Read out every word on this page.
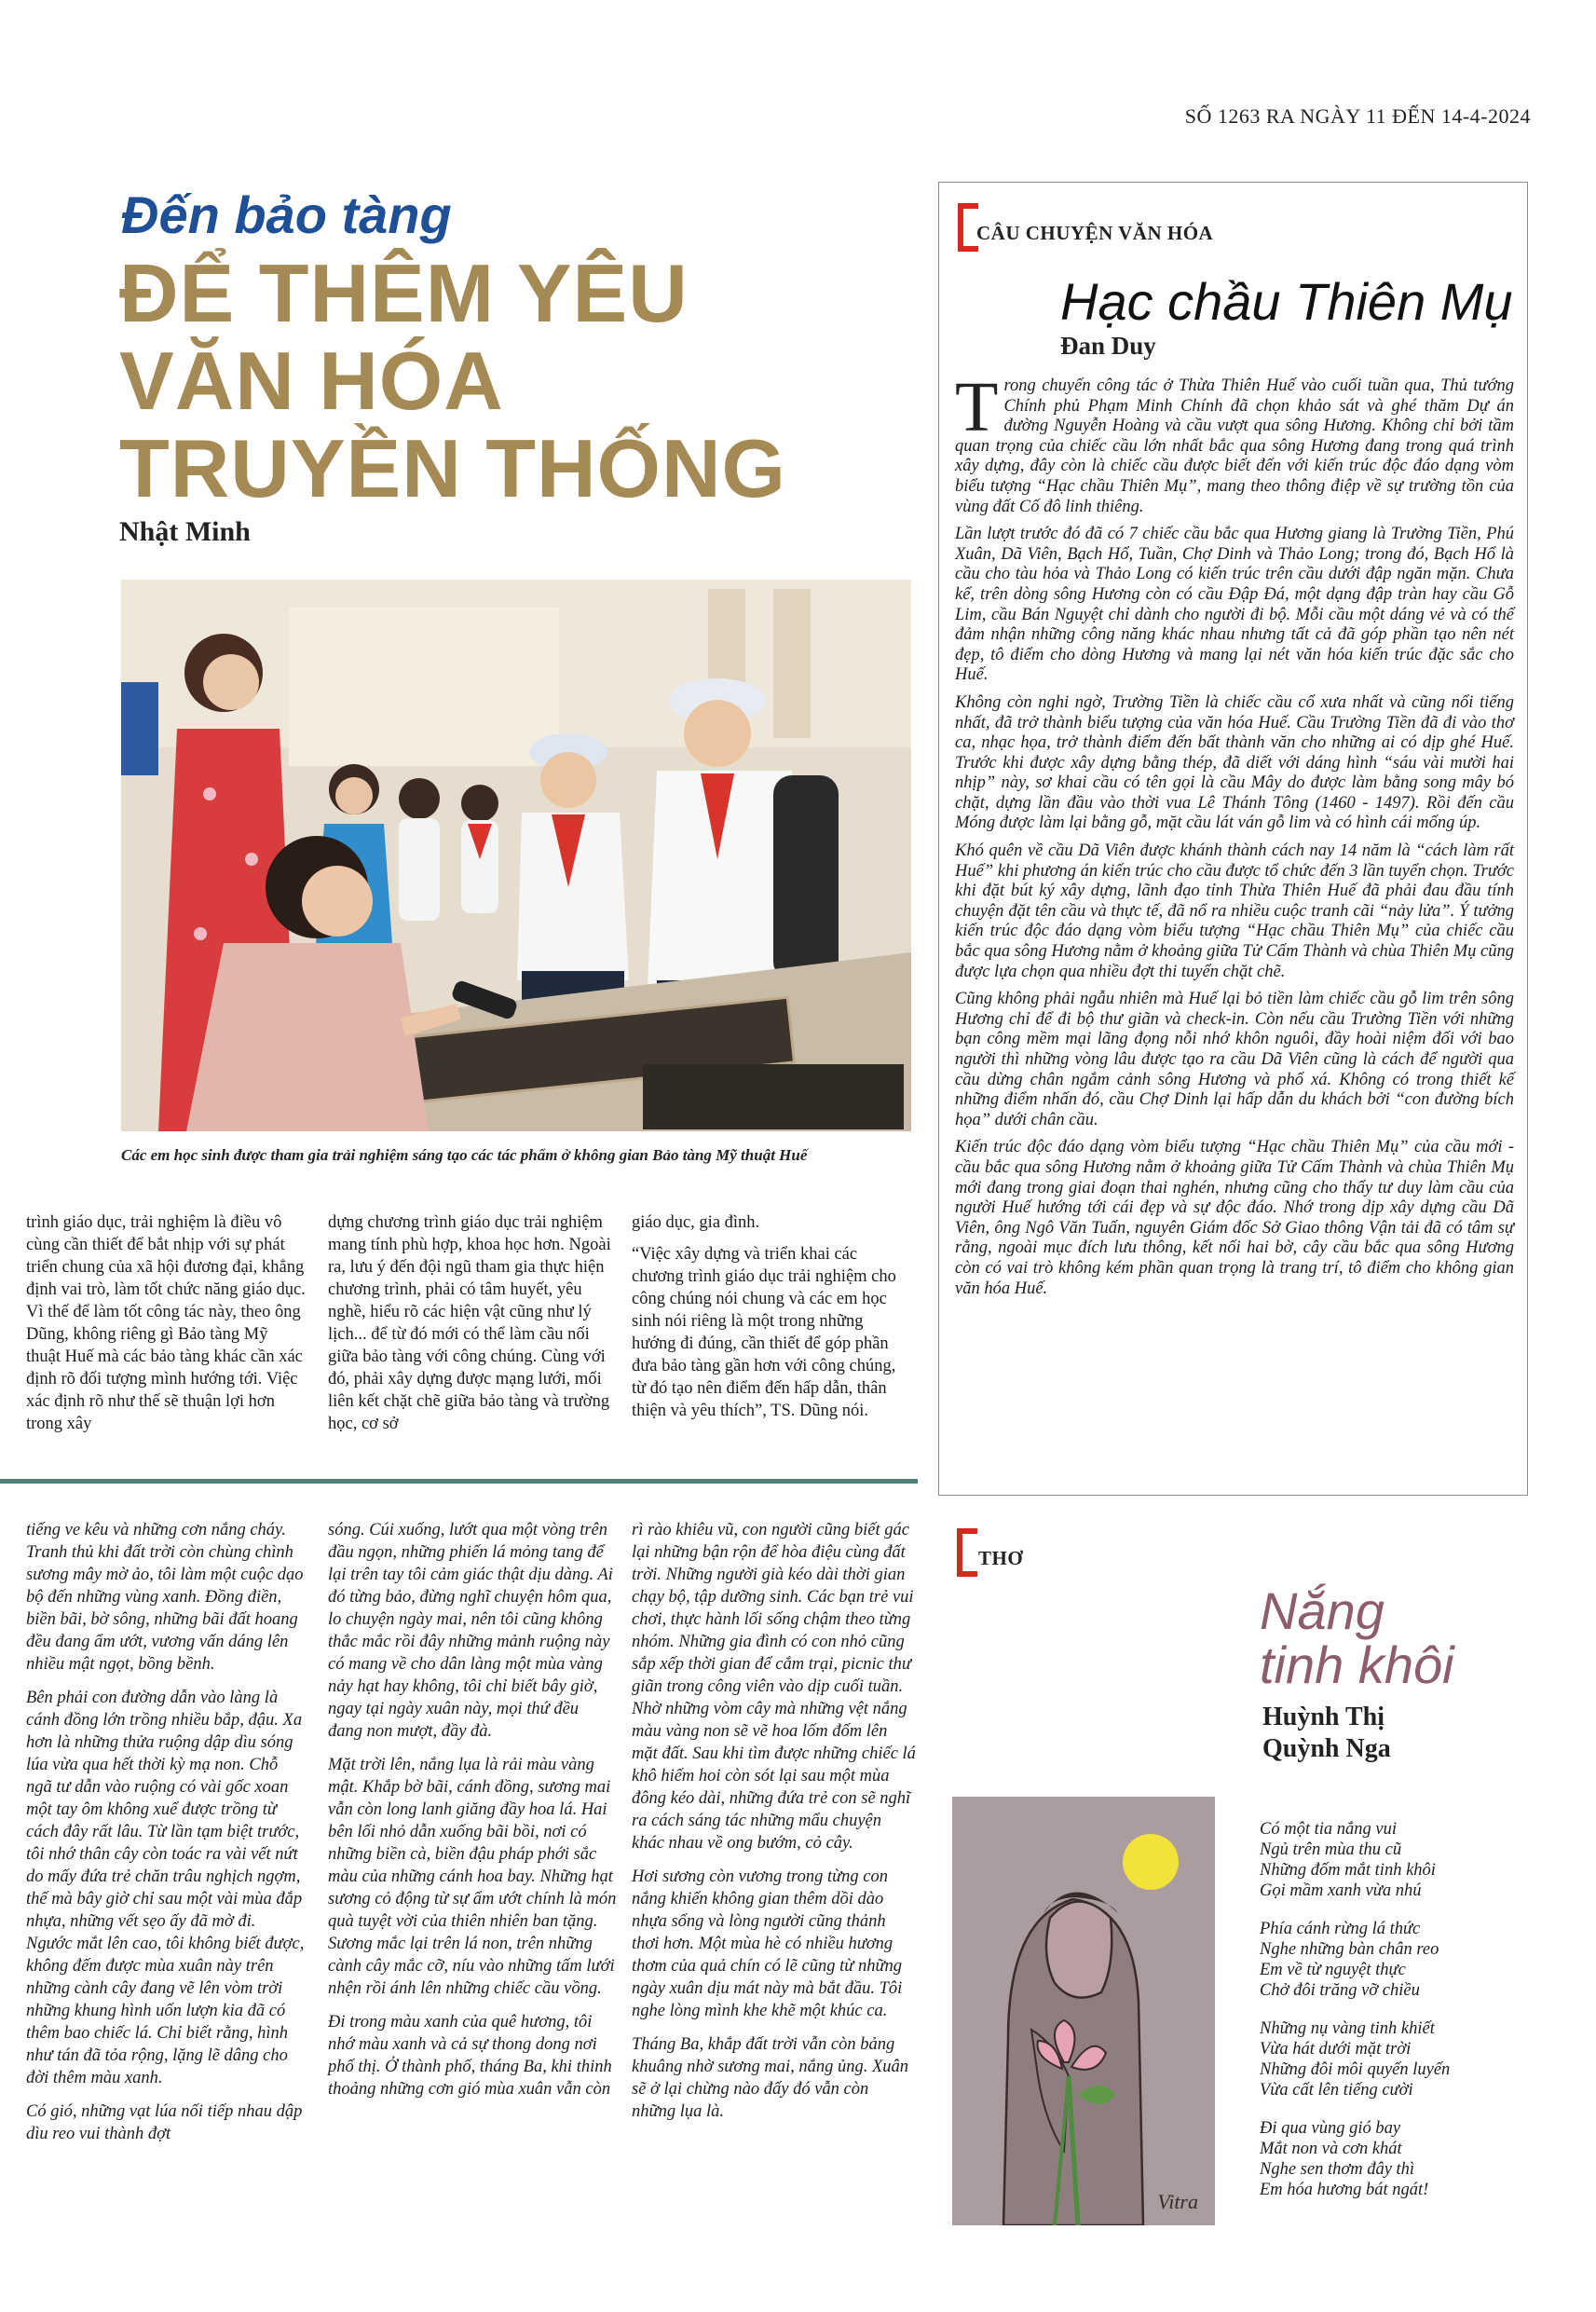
SỐ 1263 RA NGÀY 11 ĐẾN 14-4-2024
Đến bảo tàng
ĐỂ THÊM YÊU
VĂN HÓA
TRUYỀN THỐNG
Nhật Minh
Các em học sinh được tham gia trải nghiệm sáng tạo các tác phẩm ở không gian Bảo tàng Mỹ thuật Huế

trình giáo dục, trải nghiệm là điều vô cùng cần thiết để bắt nhịp với sự phát triển chung của xã hội đương đại, khẳng định vai trò, làm tốt chức năng giáo dục. Vì thế để làm tốt công tác này, theo ông Dũng, không riêng gì Bảo tàng Mỹ thuật Huế mà các bảo tàng khác cần xác định rõ đối tượng mình hướng tới. Việc xác định rõ như thế sẽ thuận lợi hơn trong xây

dựng chương trình giáo dục trải nghiệm mang tính phù hợp, khoa học hơn. Ngoài ra, lưu ý đến đội ngũ tham gia thực hiện chương trình, phải có tâm huyết, yêu nghề, hiểu rõ các hiện vật cũng như lý lịch... để từ đó mới có thể làm cầu nối giữa bảo tàng với công chúng. Cùng với đó, phải xây dựng được mạng lưới, mối liên kết chặt chẽ giữa bảo tàng và trường học, cơ sở

giáo dục, gia đình.

“Việc xây dựng và triển khai các chương trình giáo dục trải nghiệm cho công chúng nói chung và các em học sinh nói riêng là một trong những hướng đi đúng, cần thiết để góp phần đưa bảo tàng gần hơn với công chúng, từ đó tạo nên điểm đến hấp dẫn, thân thiện và yêu thích”, TS. Dũng nói.

tiếng ve kêu và những cơn nắng cháy. Tranh thủ khi đất trời còn chùng chình sương mây mờ ảo, tôi làm một cuộc dạo bộ đến những vùng xanh. Đồng điền, biền bãi, bờ sông, những bãi đất hoang đều đang ẩm ướt, vương vấn dáng lên nhiều mật ngọt, bồng bềnh.

Bên phải con đường dẫn vào làng là cánh đồng lớn trồng nhiều bắp, đậu. Xa hơn là những thửa ruộng dập dìu sóng lúa vừa qua hết thời kỳ mạ non. Chỗ ngã tư dẫn vào ruộng có vài gốc xoan một tay ôm không xuể được trồng từ cách đây rất lâu. Từ lần tạm biệt trước, tôi nhớ thân cây còn toác ra vài vết nứt do mấy đứa trẻ chăn trâu nghịch ngợm, thế mà bây giờ chỉ sau một vài mùa đắp nhựa, những vết sẹo ấy đã mờ đi. Ngước mắt lên cao, tôi không biết được, không đếm được mùa xuân này trên những cành cây đang vẽ lên vòm trời những khung hình uốn lượn kia đã có thêm bao chiếc lá. Chỉ biết rằng, hình như tán đã tỏa rộng, lặng lẽ dâng cho đời thêm màu xanh.

Có gió, những vạt lúa nối tiếp nhau dập dìu reo vui thành đợt

sóng. Cúi xuống, lướt qua một vòng trên đầu ngọn, những phiến lá mỏng tang để lại trên tay tôi cảm giác thật dịu dàng. Ai đó từng bảo, đừng nghĩ chuyện hôm qua, lo chuyện ngày mai, nên tôi cũng không thắc mắc rồi đây những mảnh ruộng này có mang về cho dân làng một mùa vàng nảy hạt hay không, tôi chỉ biết bây giờ, ngay tại ngày xuân này, mọi thứ đều đang non mượt, đầy đà.

Mặt trời lên, nắng lụa là rải màu vàng mật. Khắp bờ bãi, cánh đồng, sương mai vẫn còn long lanh giăng đầy hoa lá. Hai bên lối nhỏ dẫn xuống bãi bồi, nơi có những biền cà, biền đậu pháp phới sắc màu của những cánh hoa bay. Những hạt sương cỏ động từ sự ẩm ướt chính là món quà tuyệt vời của thiên nhiên ban tặng. Sương mắc lại trên lá non, trên những cành cây mắc cỡ, níu vào những tấm lưới nhện rồi ánh lên những chiếc cầu vồng.

Đi trong màu xanh của quê hương, tôi nhớ màu xanh và cả sự thong dong nơi phố thị. Ở thành phố, tháng Ba, khi thinh thoảng những cơn gió mùa xuân vẫn còn

rì rào khiêu vũ, con người cũng biết gác lại những bận rộn để hòa điệu cùng đất trời. Những người già kéo dài thời gian chạy bộ, tập dưỡng sinh. Các bạn trẻ vui chơi, thực hành lối sống chậm theo từng nhóm. Những gia đình có con nhỏ cũng sắp xếp thời gian để cắm trại, picnic thư giãn trong công viên vào dịp cuối tuần. Nhờ những vòm cây mà những vệt nắng màu vàng non sẽ vẽ hoa lốm đốm lên mặt đất. Sau khi tìm được những chiếc lá khô hiếm hoi còn sót lại sau một mùa đông kéo dài, những đứa trẻ con sẽ nghĩ ra cách sáng tác những mẩu chuyện khác nhau về ong bướm, cỏ cây.

Hơi sương còn vương trong từng con nắng khiến không gian thêm dồi dào nhựa sống và lòng người cũng thảnh thơi hơn. Một mùa hè có nhiều hương thơm của quả chín có lẽ cũng từ những ngày xuân dịu mát này mà bắt đầu. Tôi nghe lòng mình khe khẽ một khúc ca.

Tháng Ba, khắp đất trời vẫn còn bảng khuâng nhờ sương mai, nắng ủng. Xuân sẽ ở lại chừng nào đấy đó vẫn còn những lụa là.

CÂU CHUYỆN VĂN HÓA
Hạc chầu Thiên Mụ
Đan Duy

Trong chuyến công tác ở Thừa Thiên Huế vào cuối tuần qua, Thủ tướng Chính phủ Phạm Minh Chính đã chọn khảo sát và ghé thăm Dự án đường Nguyễn Hoàng và cầu vượt qua sông Hương. Không chỉ bởi tầm quan trọng của chiếc cầu lớn nhất bắc qua sông Hương đang trong quá trình xây dựng, đây còn là chiếc cầu được biết đến với kiến trúc độc đáo dạng vòm biểu tượng “Hạc chầu Thiên Mụ”, mang theo thông điệp về sự trường tồn của vùng đất Cố đô linh thiêng.

Lần lượt trước đó đã có 7 chiếc cầu bắc qua Hương giang là Trường Tiền, Phú Xuân, Dã Viên, Bạch Hổ, Tuần, Chợ Dinh và Thảo Long; trong đó, Bạch Hổ là cầu cho tàu hỏa và Thảo Long có kiến trúc trên cầu dưới đập ngăn mặn. Chưa kể, trên dòng sông Hương còn có cầu Đập Đá, một dạng đập tràn hay cầu Gỗ Lim, cầu Bán Nguyệt chỉ dành cho người đi bộ. Mỗi cầu một dáng vẻ và có thể đảm nhận những công năng khác nhau nhưng tất cả đã góp phần tạo nên nét đẹp, tô điểm cho dòng Hương và mang lại nét văn hóa kiến trúc đặc sắc cho Huế.

Không còn nghi ngờ, Trường Tiền là chiếc cầu cổ xưa nhất và cũng nổi tiếng nhất, đã trở thành biểu tượng của văn hóa Huế. Cầu Trường Tiền đã đi vào thơ ca, nhạc họa, trở thành điểm đến bất thành văn cho những ai có dịp ghé Huế. Trước khi được xây dựng bằng thép, đã diết với dáng hình “sáu vài mười hai nhịp” này, sơ khai cầu có tên gọi là cầu Mây do được làm bằng song mây bó chặt, dựng lần đầu vào thời vua Lê Thánh Tông (1460 - 1497). Rồi đến cầu Móng được làm lại bằng gỗ, mặt cầu lát ván gỗ lim và có hình cái mống úp.

Khó quên về cầu Dã Viên được khánh thành cách nay 14 năm là “cách làm rất Huế” khi phương án kiến trúc cho cầu được tổ chức đến 3 lần tuyển chọn. Trước khi đặt bút ký xây dựng, lãnh đạo tỉnh Thừa Thiên Huế đã phải đau đầu tính chuyện đặt tên cầu và thực tế, đã nổ ra nhiều cuộc tranh cãi “nảy lửa”. Ý tưởng kiến trúc độc đáo dạng vòm biểu tượng “Hạc chầu Thiên Mụ” của chiếc cầu bắc qua sông Hương nằm ở khoảng giữa Tử Cấm Thành và chùa Thiên Mụ cũng được lựa chọn qua nhiều đợt thi tuyển chặt chẽ.

Cũng không phải ngẫu nhiên mà Huế lại bỏ tiền làm chiếc cầu gỗ lim trên sông Hương chỉ để đi bộ thư giãn và check-in. Còn nếu cầu Trường Tiền với những bạn công mềm mại lãng đọng nỗi nhớ khôn nguôi, đầy hoài niệm đối với bao người thì những vòng lâu được tạo ra cầu Dã Viên cũng là cách để người qua cầu dừng chân ngắm cảnh sông Hương và phố xá. Không có trong thiết kế những điểm nhấn đó, cầu Chợ Dinh lại hấp dẫn du khách bởi “con đường bích họa” dưới chân cầu.

Kiến trúc độc đáo dạng vòm biểu tượng “Hạc chầu Thiên Mụ” của cầu mới - cầu bắc qua sông Hương nằm ở khoảng giữa Tử Cấm Thành và chùa Thiên Mụ mới đang trong giai đoạn thai nghén, nhưng cũng cho thấy tư duy làm cầu của người Huế hướng tới cái đẹp và sự độc đáo. Nhớ trong dịp xây dựng cầu Dã Viên, ông Ngô Văn Tuấn, nguyên Giám đốc Sở Giao thông Vận tải đã có tâm sự rằng, ngoài mục đích lưu thông, kết nối hai bờ, cây cầu bắc qua sông Hương còn có vai trò không kém phần quan trọng là trang trí, tô điểm cho không gian văn hóa Huế.

THƠ
Nắng
tinh khôi
Huỳnh Thị
Quỳnh Nga
Vitra
Có một tia nắng vui
Ngủ trên mùa thu cũ
Những đốm mắt tinh khôi
Gọi mầm xanh vừa nhú
Phía cánh rừng lá thức
Nghe những bàn chân reo
Em về từ nguyệt thực
Chở đôi trăng vỡ chiều
Những nụ vàng tinh khiết
Vừa hát dưới mặt trời
Những đôi môi quyến luyến
Vừa cất lên tiếng cười
Đi qua vùng gió bay
Mắt non và cơn khát
Nghe sen thơm đây thì
Em hóa hương bát ngát!
